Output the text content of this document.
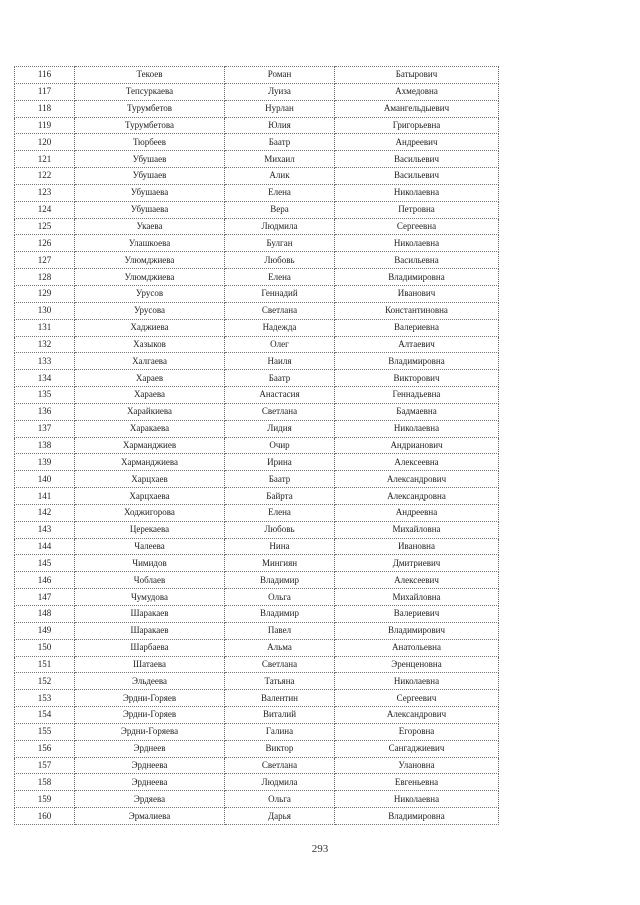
116	Текоев	Роман	Батырович
117	Тепсуркаева	Луиза	Ахмедовна
118	Турумбетов	Нурлан	Амангельдыевич
119	Турумбетова	Юлия	Григорьевна
120	Тюрбеев	Баатр	Андреевич
121	Убушаев	Михаил	Васильевич
122	Убушаев	Алик	Васильевич
123	Убушаева	Елена	Николаевна
124	Убушаева	Вера	Петровна
125	Укаева	Людмила	Сергеевна
126	Улашкоева	Булган	Николаевна
127	Улюмджиева	Любовь	Васильевна
128	Улюмджиева	Елена	Владимировна
129	Урусов	Геннадий	Иванович
130	Урусова	Светлана	Константиновна
131	Хаджиева	Надежда	Валериевна
132	Хазыков	Олег	Алтаевич
133	Халгаева	Наиля	Владимировна
134	Хараев	Баатр	Викторович
135	Хараева	Анастасия	Геннадьевна
136	Харайкиева	Светлана	Бадмаевна
137	Харакаева	Лидия	Николаевна
138	Харманджиев	Очир	Андрианович
139	Харманджиева	Ирина	Алексеевна
140	Харцхаев	Баатр	Александрович
141	Харцхаева	Байрта	Александровна
142	Ходжигорова	Елена	Андреевна
143	Церекаева	Любовь	Михайловна
144	Чалеева	Нина	Ивановна
145	Чимидов	Мингиян	Дмитриевич
146	Чоблаев	Владимир	Алексеевич
147	Чумудова	Ольга	Михайловна
148	Шаракаев	Владимир	Валериевич
149	Шаракаев	Павел	Владимирович
150	Шарбаева	Альма	Анатольевна
151	Шатаева	Светлана	Эренценовна
152	Эльдеева	Татьяна	Николаевна
153	Эрдни-Горяев	Валентин	Сергеевич
154	Эрдни-Горяев	Виталий	Александрович
155	Эрдни-Горяева	Галина	Егоровна
156	Эрднеев	Виктор	Сангаджиевич
157	Эрднеева	Светлана	Улановна
158	Эрднеева	Людмила	Евгеньевна
159	Эрдяева	Ольга	Николаевна
160	Эрмалиева	Дарья	Владимировна
293
